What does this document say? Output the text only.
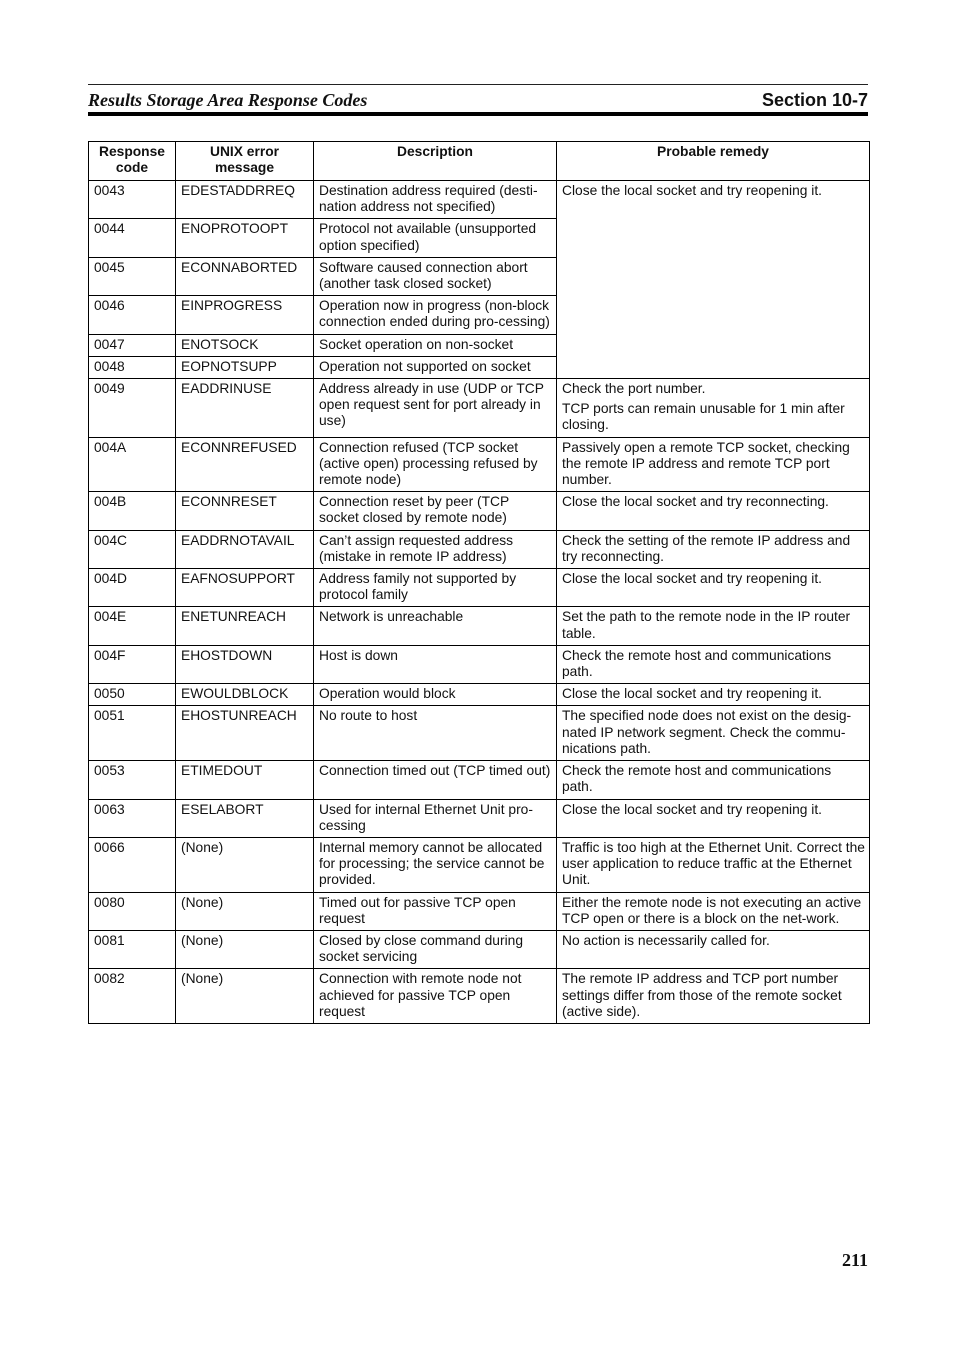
Results Storage Area Response Codes	Section 10-7
Response code	UNIX error message	Description	Probable remedy
0043	EDESTADDRREQ	Destination address required (desti-nation address not specified)	Close the local socket and try reopening it.
0044	ENOPROTOOPT	Protocol not available (unsupported option specified)	
0045	ECONNABORTED	Software caused connection abort (another task closed socket)	
0046	EINPROGRESS	Operation now in progress (non-block connection ended during pro-cessing)	
0047	ENOTSOCK	Socket operation on non-socket	
0048	EOPNOTSUPP	Operation not supported on socket	
0049	EADDRINUSE	Address already in use (UDP or TCP open request sent for port already in use)	Check the port number.
TCP ports can remain unusable for 1 min after closing.

004A	ECONNREFUSED	Connection refused (TCP socket (active open) processing refused by remote node)	Passively open a remote TCP socket, checking the remote IP address and remote TCP port number.
004B	ECONNRESET	Connection reset by peer (TCP socket closed by remote node)	Close the local socket and try reconnecting.
004C	EADDRNOTAVAIL	Can’t assign requested address (mistake in remote IP address)	Check the setting of the remote IP address and try reconnecting.
004D	EAFNOSUPPORT	Address family not supported by protocol family	Close the local socket and try reopening it.
004E	ENETUNREACH	Network is unreachable	Set the path to the remote node in the IP router table.
004F	EHOSTDOWN	Host is down	Check the remote host and communications path.
0050	EWOULDBLOCK	Operation would block	Close the local socket and try reopening it.
0051	EHOSTUNREACH	No route to host	The specified node does not exist on the desig-nated IP network segment. Check the commu-nications path.
0053	ETIMEDOUT	Connection timed out (TCP timed out)	Check the remote host and communications path.
0063	ESELABORT	Used for internal Ethernet Unit pro-cessing	Close the local socket and try reopening it.
0066	(None)	Internal memory cannot be allocated for processing; the service cannot be provided.	Traffic is too high at the Ethernet Unit. Correct the user application to reduce traffic at the Ethernet Unit.
0080	(None)	Timed out for passive TCP open request	Either the remote node is not executing an active TCP open or there is a block on the net-work.
0081	(None)	Closed by close command during socket servicing	No action is necessarily called for.
0082	(None)	Connection with remote node not achieved for passive TCP open request	The remote IP address and TCP port number settings differ from those of the remote socket (active side).
211
